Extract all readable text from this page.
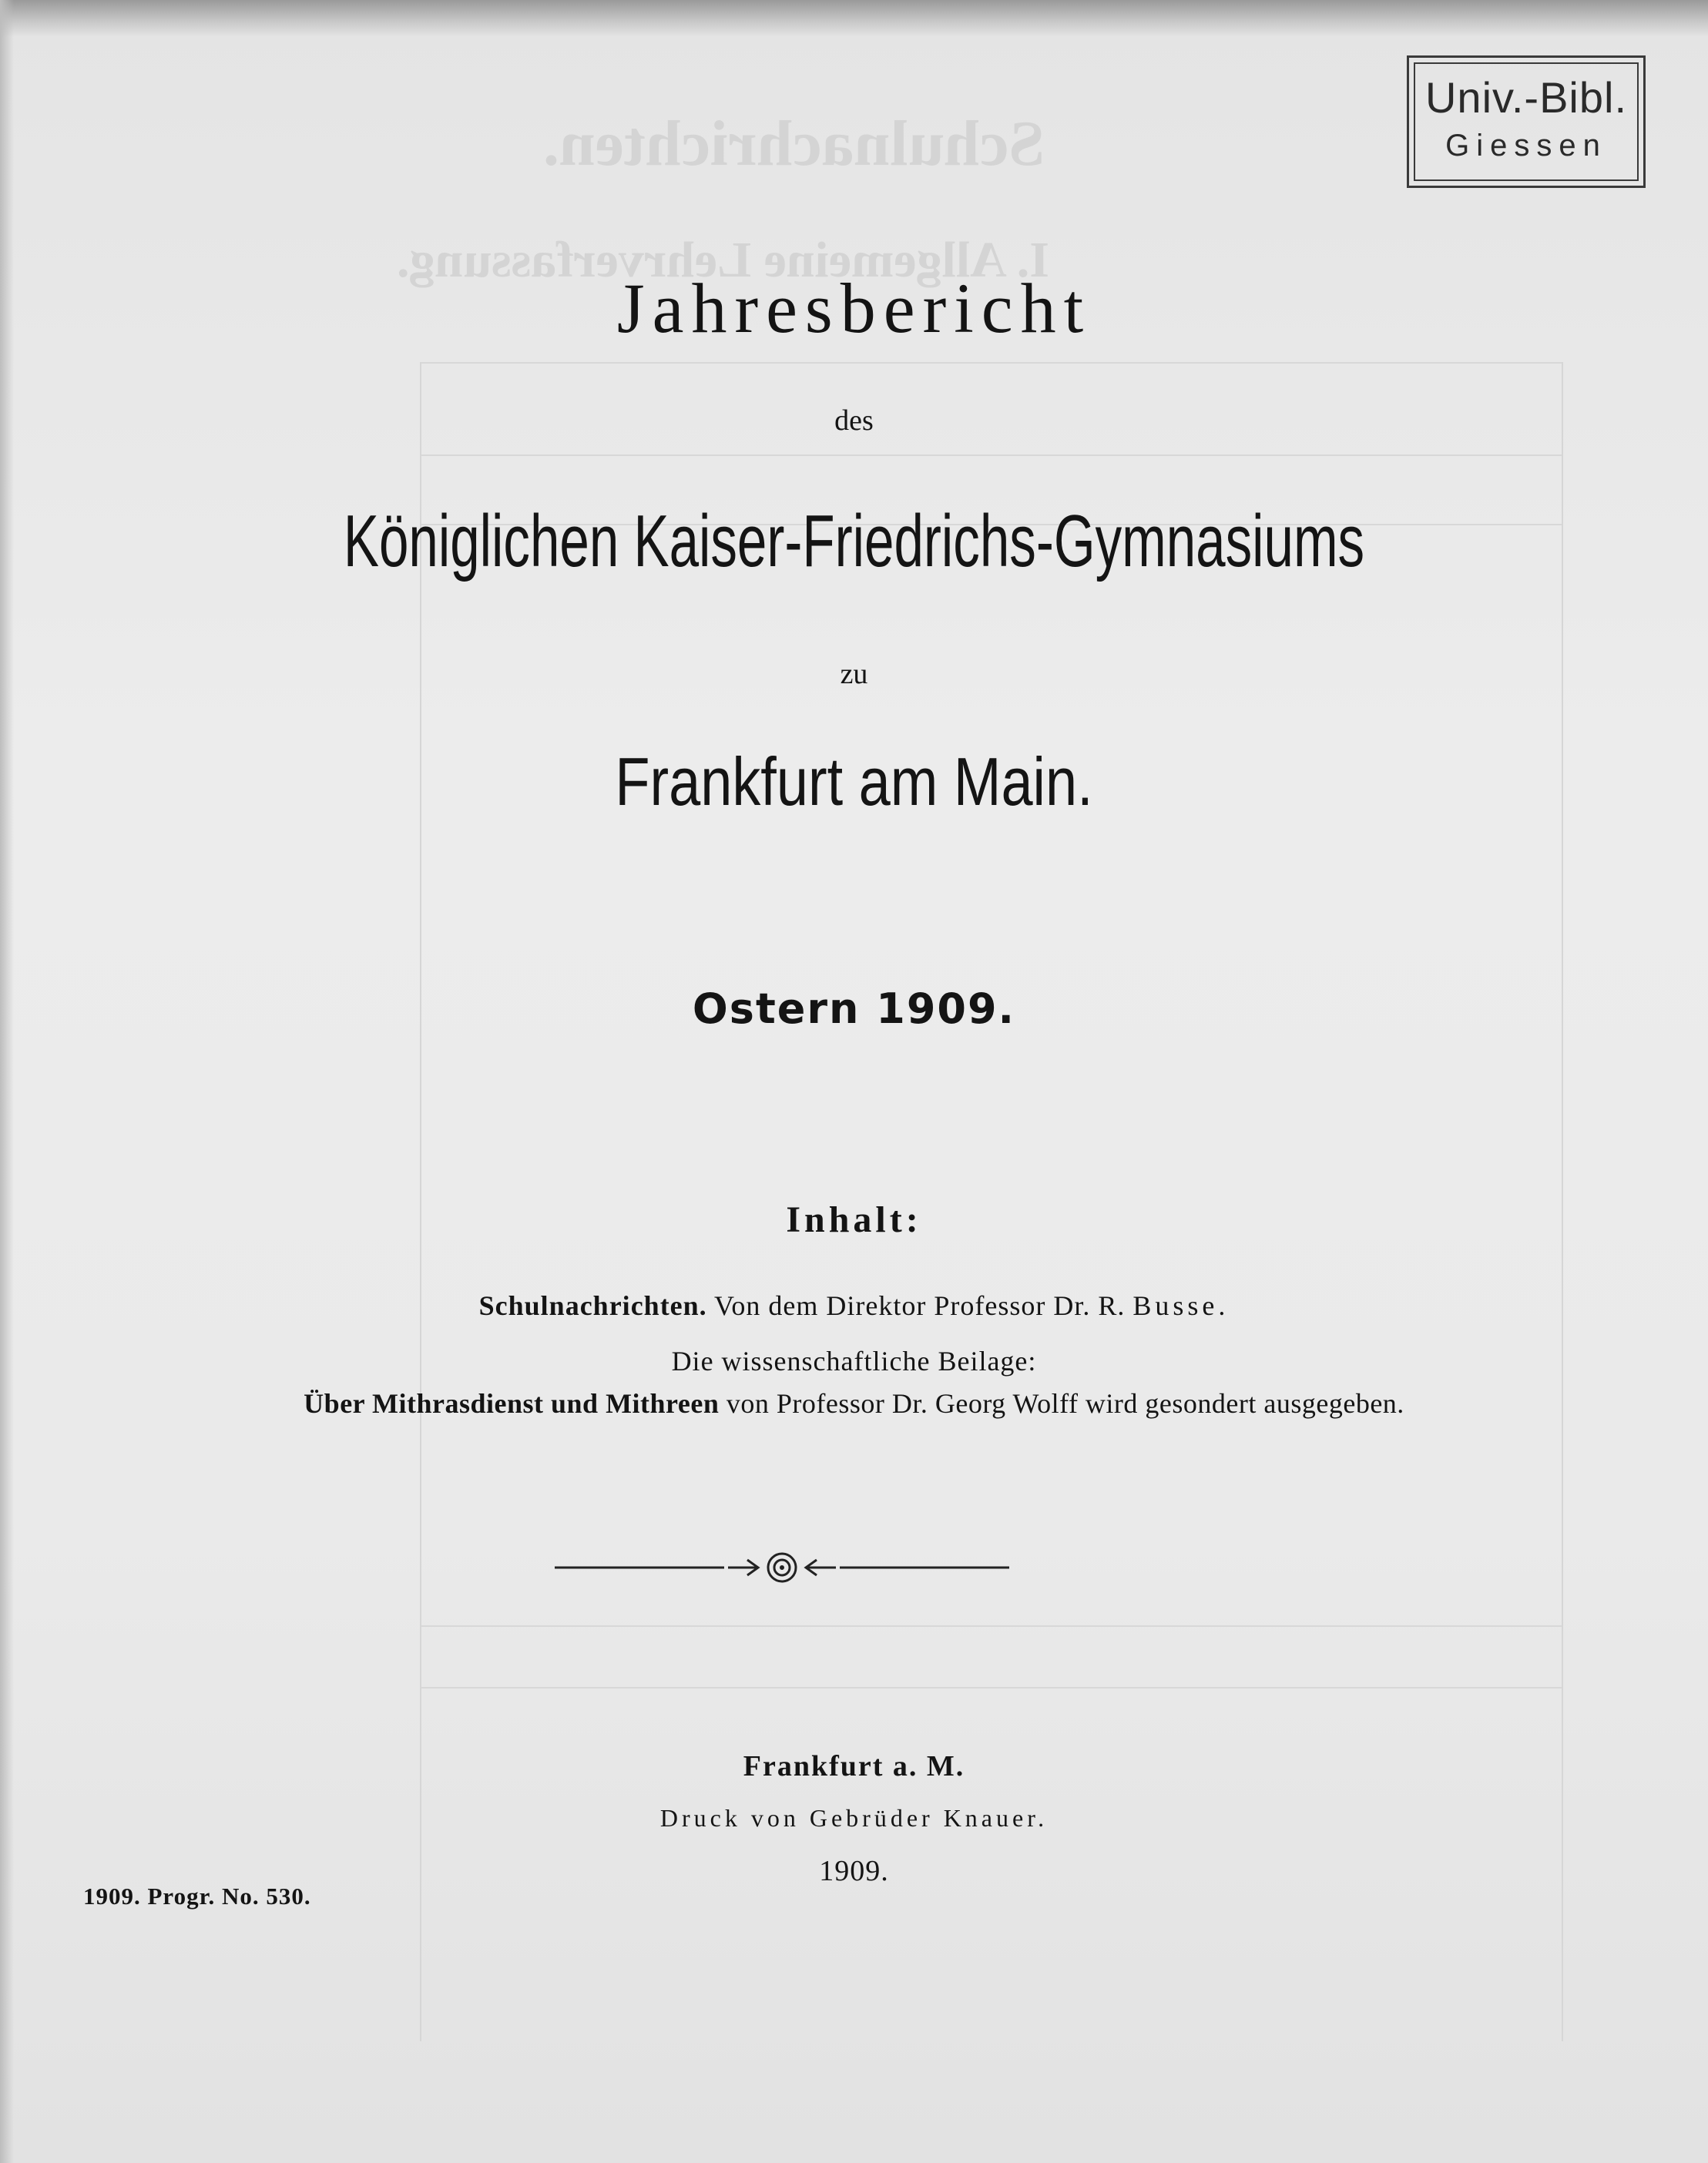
Schulnachrichten.
I. Allgemeine Lehrverfassung.
Univ.-Bibl.
Giessen
Jahresbericht
des
Königlichen Kaiser-Friedrichs-Gymnasiums
zu
Frankfurt am Main.
Ostern 1909.
Inhalt:
Schulnachrichten. Von dem Direktor Professor Dr. R. Busse.
Die wissenschaftliche Beilage:
Über Mithrasdienst und Mithreen von Professor Dr. Georg Wolff wird gesondert ausgegeben.
Frankfurt a. M.
Druck von Gebrüder Knauer.
1909.
1909. Progr. No. 530.
